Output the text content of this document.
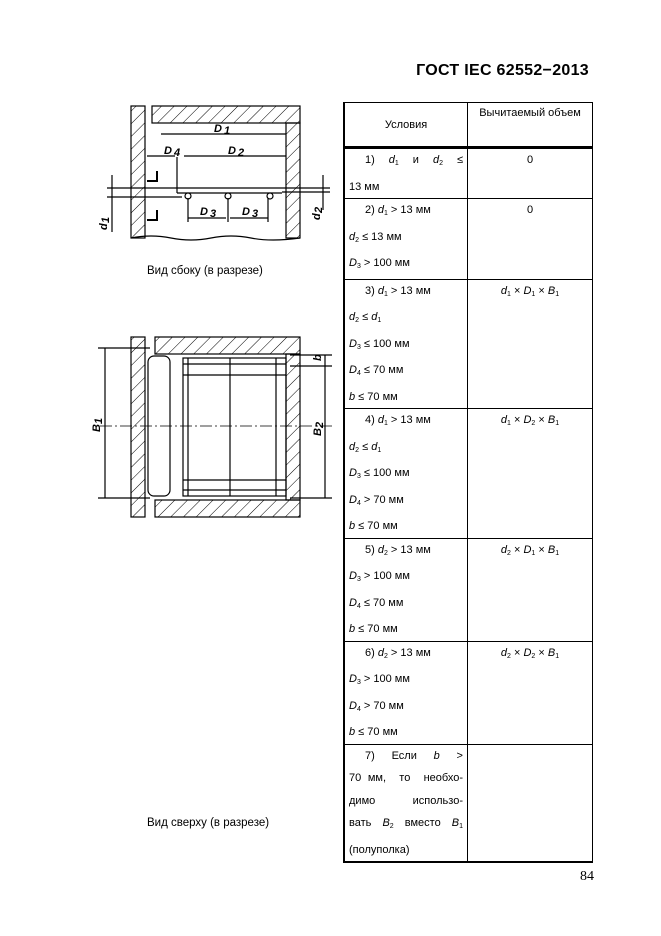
ГОСТ IEC 62552−2013
D 1
D 2
D 4
D 3 D 3
d
1	d
2
B
1
B
2
b
Вид сбоку (в разрезе)
Вид сверху (в разрезе)
Условия	Вычитаемый объем

1)  $d_1$  и  $d_2$  ≤
13 мм	0

2) $d_1 > 13$ мм
$d_2 \le 13$ мм
$D_3 > 100$ мм	0

3) $d_1 > 13$ мм
$d_2 \le d_1$
$D_3 \le 100$ мм
$D_4 \le 70$ мм
b ≤ 70 мм	$d_1 \times D_1 \times B_1$

4) $d_1 > 13$ мм
$d_2 \le d_1$
$D_3 \le 100$ мм
$D_4 > 70$ мм
b ≤ 70 мм	$d_1 \times D_2 \times B_1$

5) $d_2 > 13$ мм
$D_3 > 100$ мм
$D_4 \le 70$ мм
b ≤ 70 мм	$d_2 \times D_1 \times B_1$

6) $d_2 > 13$ мм
$D_3 > 100$ мм
$D_4 > 70$ мм
b ≤ 70 мм	$d_2 \times D_2 \times B_1$

7)  Если  b  >
70 мм,  то  необхо-
димо     использо-
вать $B_2$ вместо $B_1$
(полуполка)	

84
